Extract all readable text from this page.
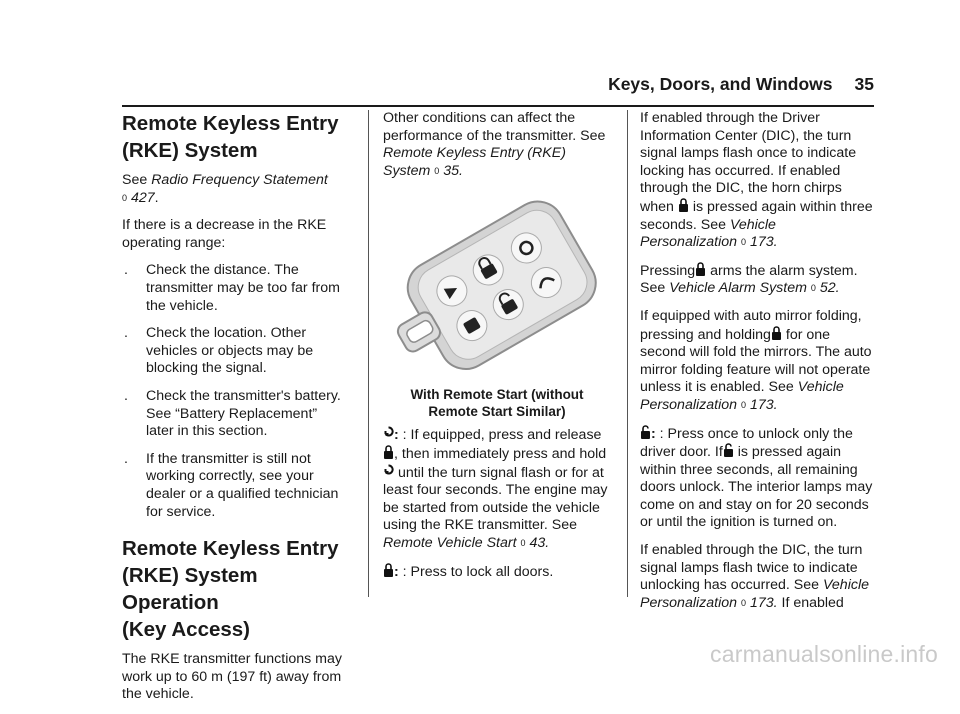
Keys, Doors, and Windows 35
Remote Keyless Entry
(RKE) System

See Radio Frequency Statement
0 427.

If there is a decrease in the RKE operating range:

.	Check the distance. The transmitter may be too far from the vehicle.
.	Check the location. Other vehicles or objects may be blocking the signal.
.	Check the transmitter's battery. See “Battery Replacement” later in this section.
.	If the transmitter is still not working correctly, see your dealer or a qualified technician for service.
Remote Keyless Entry
(RKE) System Operation
(Key Access)

The RKE transmitter functions may work up to 60 m (197 ft) away from the vehicle.

Other conditions can affect the performance of the transmitter. See
Remote Keyless Entry (RKE) System 0 35.

With Remote Start (without
Remote Start Similar)

: : If equipped, press and release , then immediately press and hold
until the turn signal flash or for at least four seconds. The engine may be started from outside the vehicle using the RKE transmitter. See
Remote Vehicle Start 0 43.

: : Press to lock all doors.

If enabled through the Driver Information Center (DIC), the turn signal lamps flash once to indicate locking has occurred. If enabled through the DIC, the horn chirps when  is pressed again within three seconds. See Vehicle Personalization 0 173.

Pressing arms the alarm system. See Vehicle Alarm System 0 52.

If equipped with auto mirror folding, pressing and holding for one second will fold the mirrors. The auto mirror folding feature will not operate unless it is enabled. See Vehicle Personalization 0 173.

: : Press once to unlock only the driver door. If is pressed again within three seconds, all remaining doors unlock. The interior lamps may come on and stay on for 20 seconds or until the ignition is turned on.

If enabled through the DIC, the turn signal lamps flash twice to indicate unlocking has occurred. See Vehicle Personalization 0 173. If enabled

carmanualsonline.info
